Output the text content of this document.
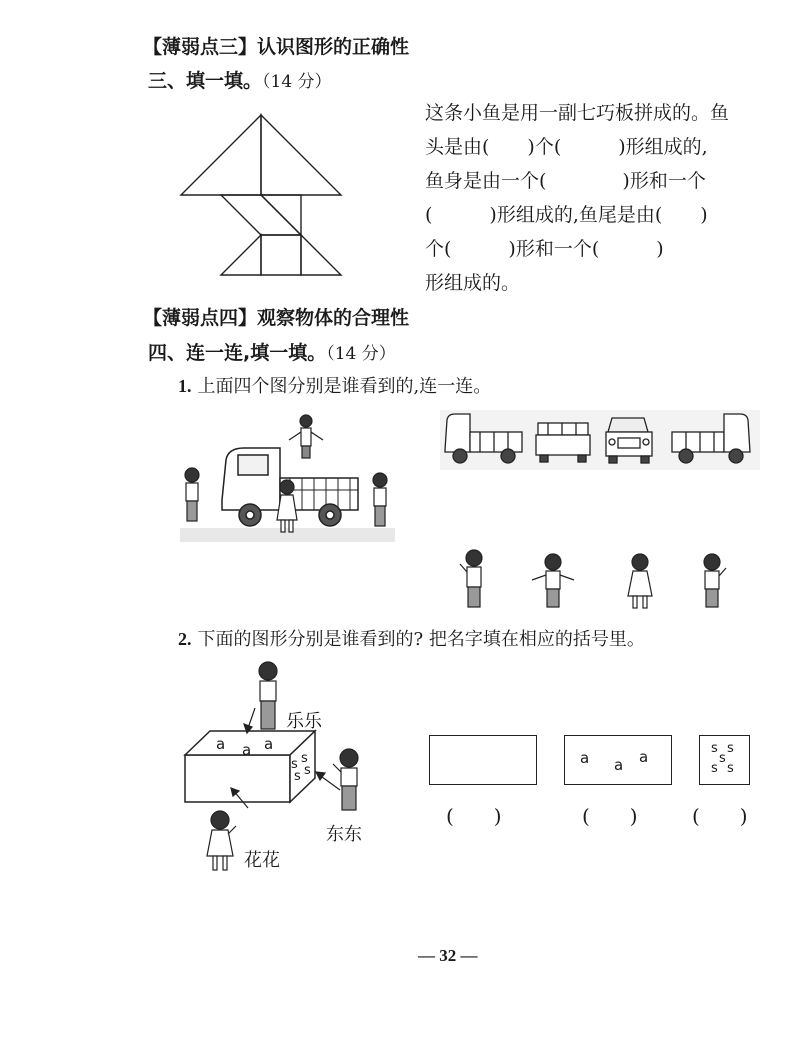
【薄弱点三】认识图形的正确性
三、填一填。（14 分）
这条小鱼是用一副七巧板拼成的。鱼
头是由(　　)个(　　　)形组成的,
鱼身是由一个(　　　　)形和一个
(　　　)形组成的,鱼尾是由(　　)
个(　　　)形和一个(　　　)
形组成的。
【薄弱点四】观察物体的合理性
四、连一连,填一填。（14 分）
1. 上面四个图分别是谁看到的,连一连。
2. 下面的图形分别是谁看到的? 把名字填在相应的括号里。
a a a
s s
s s
乐乐
东东
花花
a a a	s s
s
s s
(　　)	(　　)	(　　)
— 32 —
